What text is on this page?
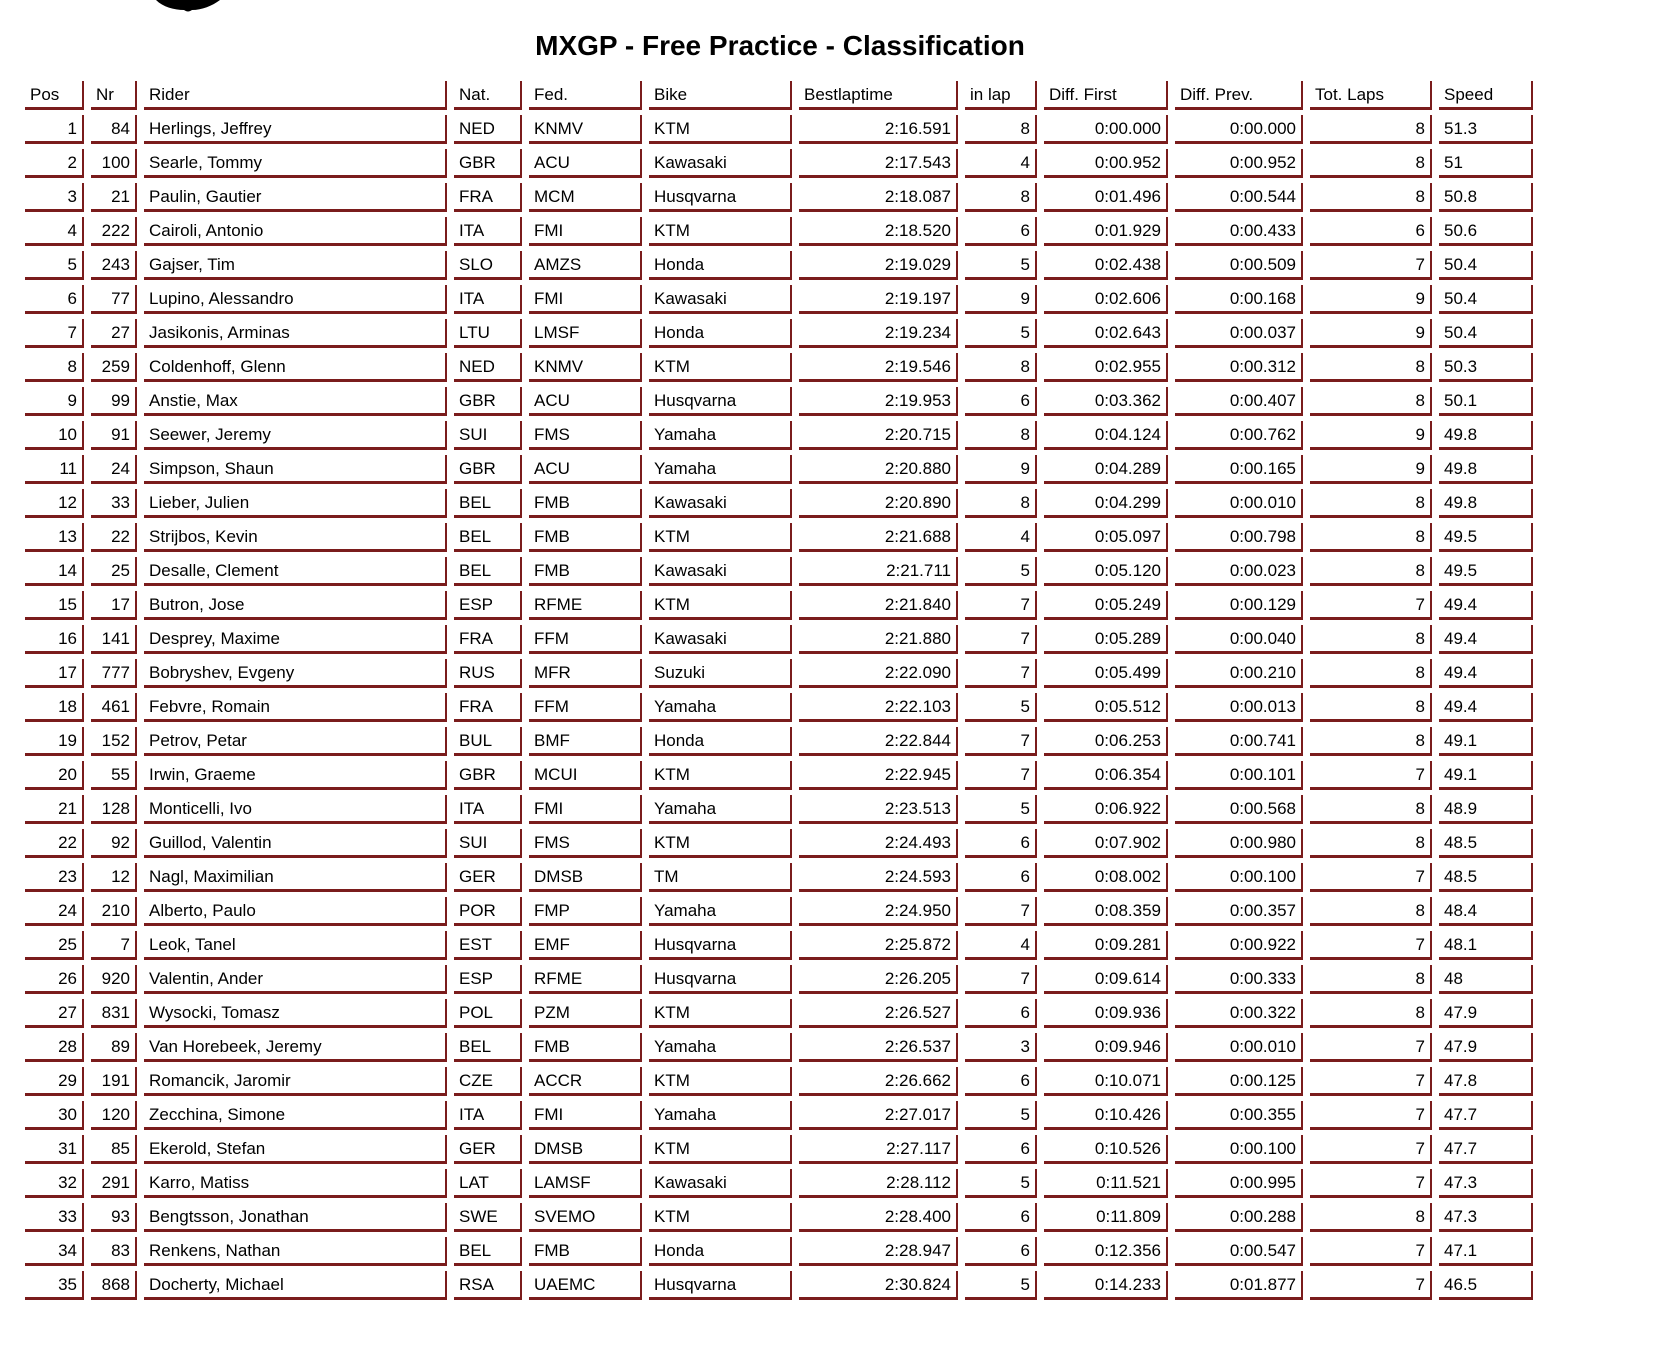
MXGP - Free Practice - Classification
Pos	Nr	Rider	Nat.	Fed.	Bike	Bestlaptime	in lap	Diff. First	Diff. Prev.	Tot. Laps	Speed
1	84	Herlings, Jeffrey	NED	KNMV	KTM	2:16.591	8	0:00.000	0:00.000	8	51.3
2	100	Searle, Tommy	GBR	ACU	Kawasaki	2:17.543	4	0:00.952	0:00.952	8	51
3	21	Paulin, Gautier	FRA	MCM	Husqvarna	2:18.087	8	0:01.496	0:00.544	8	50.8
4	222	Cairoli, Antonio	ITA	FMI	KTM	2:18.520	6	0:01.929	0:00.433	6	50.6
5	243	Gajser, Tim	SLO	AMZS	Honda	2:19.029	5	0:02.438	0:00.509	7	50.4
6	77	Lupino, Alessandro	ITA	FMI	Kawasaki	2:19.197	9	0:02.606	0:00.168	9	50.4
7	27	Jasikonis, Arminas	LTU	LMSF	Honda	2:19.234	5	0:02.643	0:00.037	9	50.4
8	259	Coldenhoff, Glenn	NED	KNMV	KTM	2:19.546	8	0:02.955	0:00.312	8	50.3
9	99	Anstie, Max	GBR	ACU	Husqvarna	2:19.953	6	0:03.362	0:00.407	8	50.1
10	91	Seewer, Jeremy	SUI	FMS	Yamaha	2:20.715	8	0:04.124	0:00.762	9	49.8
11	24	Simpson, Shaun	GBR	ACU	Yamaha	2:20.880	9	0:04.289	0:00.165	9	49.8
12	33	Lieber, Julien	BEL	FMB	Kawasaki	2:20.890	8	0:04.299	0:00.010	8	49.8
13	22	Strijbos, Kevin	BEL	FMB	KTM	2:21.688	4	0:05.097	0:00.798	8	49.5
14	25	Desalle, Clement	BEL	FMB	Kawasaki	2:21.711	5	0:05.120	0:00.023	8	49.5
15	17	Butron, Jose	ESP	RFME	KTM	2:21.840	7	0:05.249	0:00.129	7	49.4
16	141	Desprey, Maxime	FRA	FFM	Kawasaki	2:21.880	7	0:05.289	0:00.040	8	49.4
17	777	Bobryshev, Evgeny	RUS	MFR	Suzuki	2:22.090	7	0:05.499	0:00.210	8	49.4
18	461	Febvre, Romain	FRA	FFM	Yamaha	2:22.103	5	0:05.512	0:00.013	8	49.4
19	152	Petrov, Petar	BUL	BMF	Honda	2:22.844	7	0:06.253	0:00.741	8	49.1
20	55	Irwin, Graeme	GBR	MCUI	KTM	2:22.945	7	0:06.354	0:00.101	7	49.1
21	128	Monticelli, Ivo	ITA	FMI	Yamaha	2:23.513	5	0:06.922	0:00.568	8	48.9
22	92	Guillod, Valentin	SUI	FMS	KTM	2:24.493	6	0:07.902	0:00.980	8	48.5
23	12	Nagl, Maximilian	GER	DMSB	TM	2:24.593	6	0:08.002	0:00.100	7	48.5
24	210	Alberto, Paulo	POR	FMP	Yamaha	2:24.950	7	0:08.359	0:00.357	8	48.4
25	7	Leok, Tanel	EST	EMF	Husqvarna	2:25.872	4	0:09.281	0:00.922	7	48.1
26	920	Valentin, Ander	ESP	RFME	Husqvarna	2:26.205	7	0:09.614	0:00.333	8	48
27	831	Wysocki, Tomasz	POL	PZM	KTM	2:26.527	6	0:09.936	0:00.322	8	47.9
28	89	Van Horebeek, Jeremy	BEL	FMB	Yamaha	2:26.537	3	0:09.946	0:00.010	7	47.9
29	191	Romancik, Jaromir	CZE	ACCR	KTM	2:26.662	6	0:10.071	0:00.125	7	47.8
30	120	Zecchina, Simone	ITA	FMI	Yamaha	2:27.017	5	0:10.426	0:00.355	7	47.7
31	85	Ekerold, Stefan	GER	DMSB	KTM	2:27.117	6	0:10.526	0:00.100	7	47.7
32	291	Karro, Matiss	LAT	LAMSF	Kawasaki	2:28.112	5	0:11.521	0:00.995	7	47.3
33	93	Bengtsson, Jonathan	SWE	SVEMO	KTM	2:28.400	6	0:11.809	0:00.288	8	47.3
34	83	Renkens, Nathan	BEL	FMB	Honda	2:28.947	6	0:12.356	0:00.547	7	47.1
35	868	Docherty, Michael	RSA	UAEMC	Husqvarna	2:30.824	5	0:14.233	0:01.877	7	46.5
